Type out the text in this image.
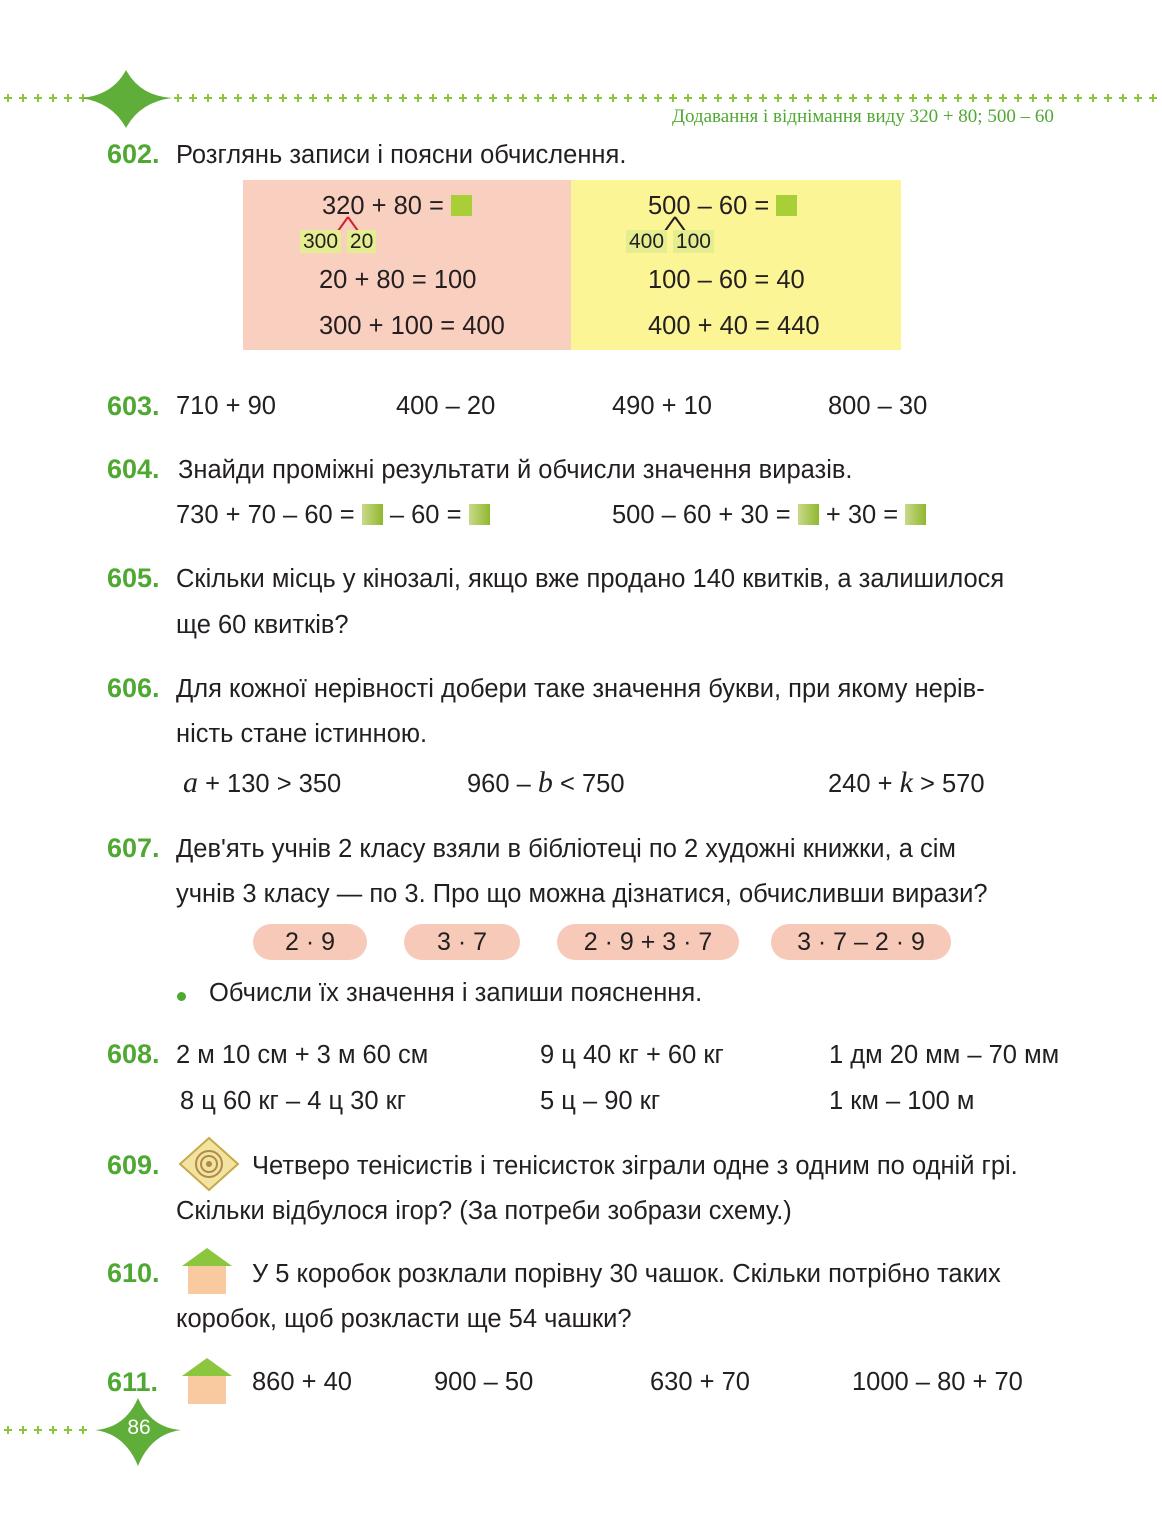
86
Додавання і віднімання виду 320 + 80; 500 – 60
602. Розглянь записи і поясни обчислення.
320 + 80 =
300 20
20 + 80 = 100
300 + 100 = 400
500 – 60 =
400 100
100 – 60 = 40
400 + 40 = 440
603. 710 + 90	400 – 20	490 + 10	800 – 30
604. Знайди проміжні результати й обчисли значення виразів.
730 + 70 – 60 = – 60 =	500 – 60 + 30 = + 30 =
605. Скільки місць у кінозалі, якщо вже продано 140 квитків, а залишилося
ще 60 квитків?
606. Для кожної нерівності добери таке значення букви, при якому нерів-
ність стане істинною.
a + 130 > 350	960 – b < 750	240 + k > 570
607. Дев'ять учнів 2 класу взяли в бібліотеці по 2 художні книжки, а сім
учнів 3 класу — по 3. Про що можна дізнатися, обчисливши вирази?
2 · 9	3 · 7	2 · 9 + 3 · 7	3 · 7 – 2 · 9
Обчисли їх значення і запиши пояснення.
608. 2 м 10 см + 3 м 60 см	9 ц 40 кг + 60 кг	1 дм 20 мм – 70 мм
8 ц 60 кг – 4 ц 30 кг	5 ц – 90 кг	1 км – 100 м
609.	Четверо тенісистів і тенісисток зіграли одне з одним по одній грі.
Скільки відбулося ігор? (За потреби зобрази схему.)
610.	У 5 коробок розклали порівну 30 чашок. Скільки потрібно таких
коробок, щоб розкласти ще 54 чашки?
611.	860 + 40	900 – 50	630 + 70	1000 – 80 + 70
